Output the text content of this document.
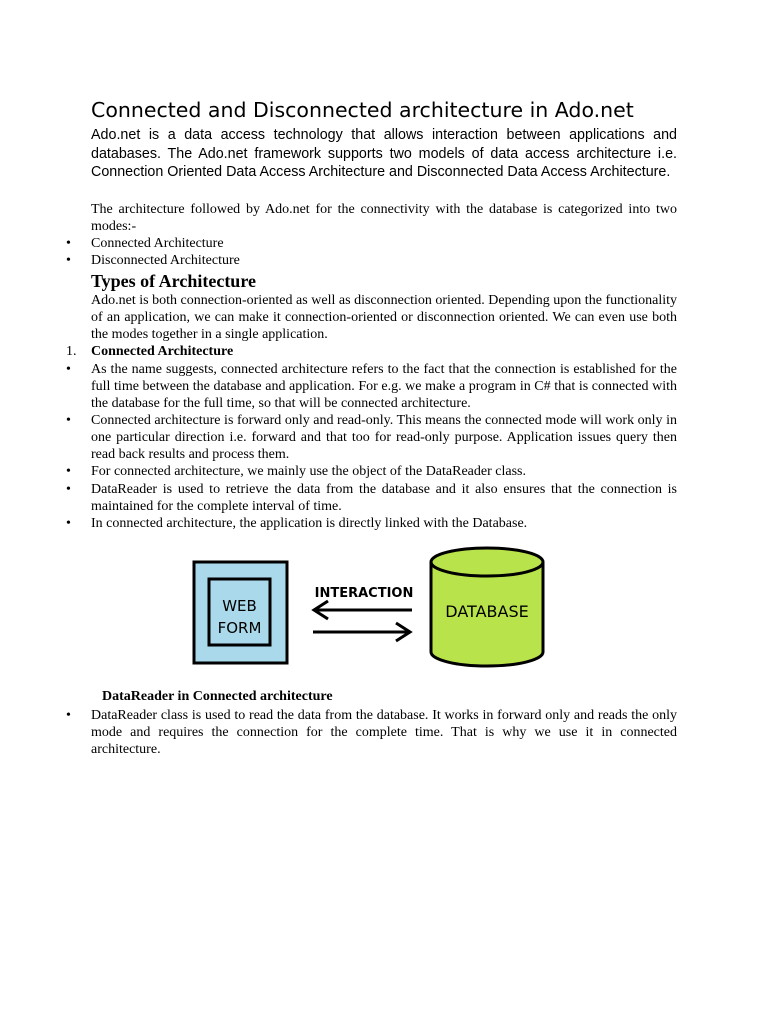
Connected and Disconnected architecture in Ado.net
Ado.net is a data access technology that allows interaction between applications and databases. The Ado.net framework supports two models of data access architecture i.e. Connection Oriented Data Access Architecture and Disconnected Data Access Architecture.
The architecture followed by Ado.net for the connectivity with the database is categorized into two modes:-
• Connected Architecture
• Disconnected Architecture
Types of Architecture
Ado.net is both connection-oriented as well as disconnection oriented. Depending upon the functionality of an application, we can make it connection-oriented or disconnection oriented. We can even use both the modes together in a single application.
1. Connected Architecture
• As the name suggests, connected architecture refers to the fact that the connection is established for the full time between the database and application. For e.g. we make a program in C# that is connected with the database for the full time, so that will be connected architecture.
• Connected architecture is forward only and read-only. This means the connected mode will work only in one particular direction i.e. forward and that too for read-only purpose. Application issues query then read back results and process them.
• For connected architecture, we mainly use the object of the DataReader class.
• DataReader is used to retrieve the data from the database and it also ensures that the connection is maintained for the complete interval of time.
• In connected architecture, the application is directly linked with the Database.
WEB
FORM
INTERACTION
DATABASE
DataReader in Connected architecture
• DataReader class is used to read the data from the database. It works in forward only and reads the only mode and requires the connection for the complete time. That is why we use it in connected architecture.
